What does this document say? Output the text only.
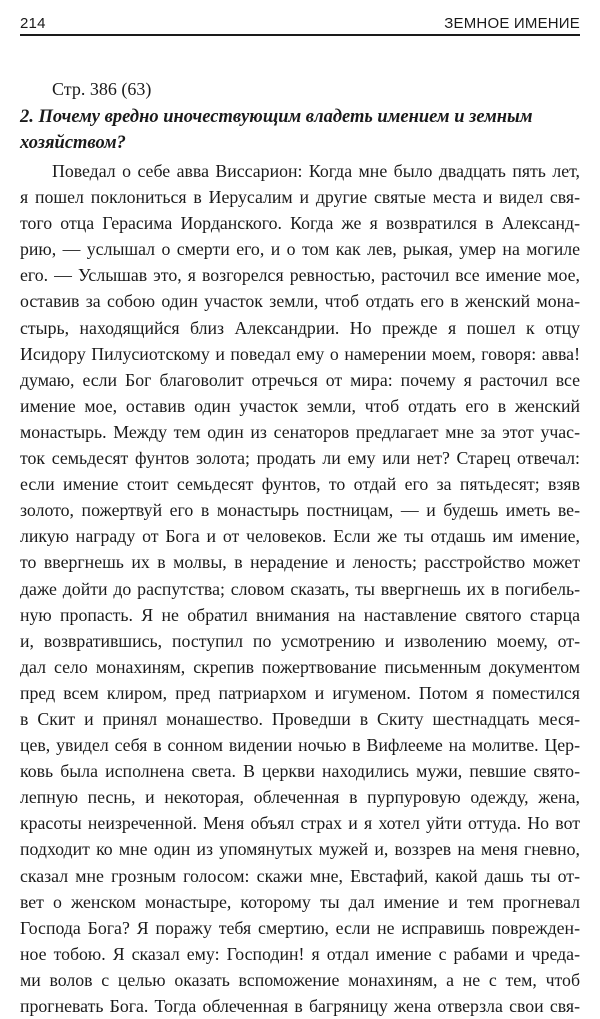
214	ЗЕМНОЕ ИМЕНИЕ
Стр. 386 (63)
2. Почему вредно иночествующим владеть имением и земным хозяйством?
Поведал о себе авва Виссарион: Когда мне было двадцать пять лет,
я пошел поклониться в Иерусалим и другие святые места и видел свя-
того отца Герасима Иорданского. Когда же я возвратился в Александ-
рию, — услышал о смерти его, и о том как лев, рыкая, умер на могиле
его. — Услышав это, я возгорелся ревностью, расточил все имение мое,
оставив за собою один участок земли, чтоб отдать его в женский мона-
стырь, находящийся близ Александрии. Но прежде я пошел к отцу
Исидору Пилусиотскому и поведал ему о намерении моем, говоря: авва!
думаю, если Бог благоволит отречься от мира: почему я расточил все
имение мое, оставив один участок земли, чтоб отдать его в женский
монастырь. Между тем один из сенаторов предлагает мне за этот учас-
ток семьдесят фунтов золота; продать ли ему или нет? Старец отвечал:
если имение стоит семьдесят фунтов, то отдай его за пятьдесят; взяв
золото, пожертвуй его в монастырь постницам, — и будешь иметь ве-
ликую награду от Бога и от человеков. Если же ты отдашь им имение,
то ввергнешь их в молвы, в нерадение и леность; расстройство может
даже дойти до распутства; словом сказать, ты ввергнешь их в погибель-
ную пропасть. Я не обратил внимания на наставление святого старца
и, возвратившись, поступил по усмотрению и изволению моему, от-
дал село монахиням, скрепив пожертвование письменным документом
пред всем клиром, пред патриархом и игуменом. Потом я поместился
в Скит и принял монашество. Проведши в Скиту шестнадцать меся-
цев, увидел себя в сонном видении ночью в Вифлееме на молитве. Цер-
ковь была исполнена света. В церкви находились мужи, певшие свято-
лепную песнь, и некоторая, облеченная в пурпуровую одежду, жена,
красоты неизреченной. Меня объял страх и я хотел уйти оттуда. Но вот
подходит ко мне один из упомянутых мужей и, воззрев на меня гневно,
сказал мне грозным голосом: скажи мне, Евстафий, какой дашь ты от-
вет о женском монастыре, которому ты дал имение и тем прогневал
Господа Бога? Я поражу тебя смертию, если не исправишь поврежден-
ное тобою. Я сказал ему: Господин! я отдал имение с рабами и чреда-
ми волов с целью оказать вспоможение монахиням, а не с тем, чтоб
прогневать Бога. Тогда облеченная в багряницу жена отверзла свои свя-
